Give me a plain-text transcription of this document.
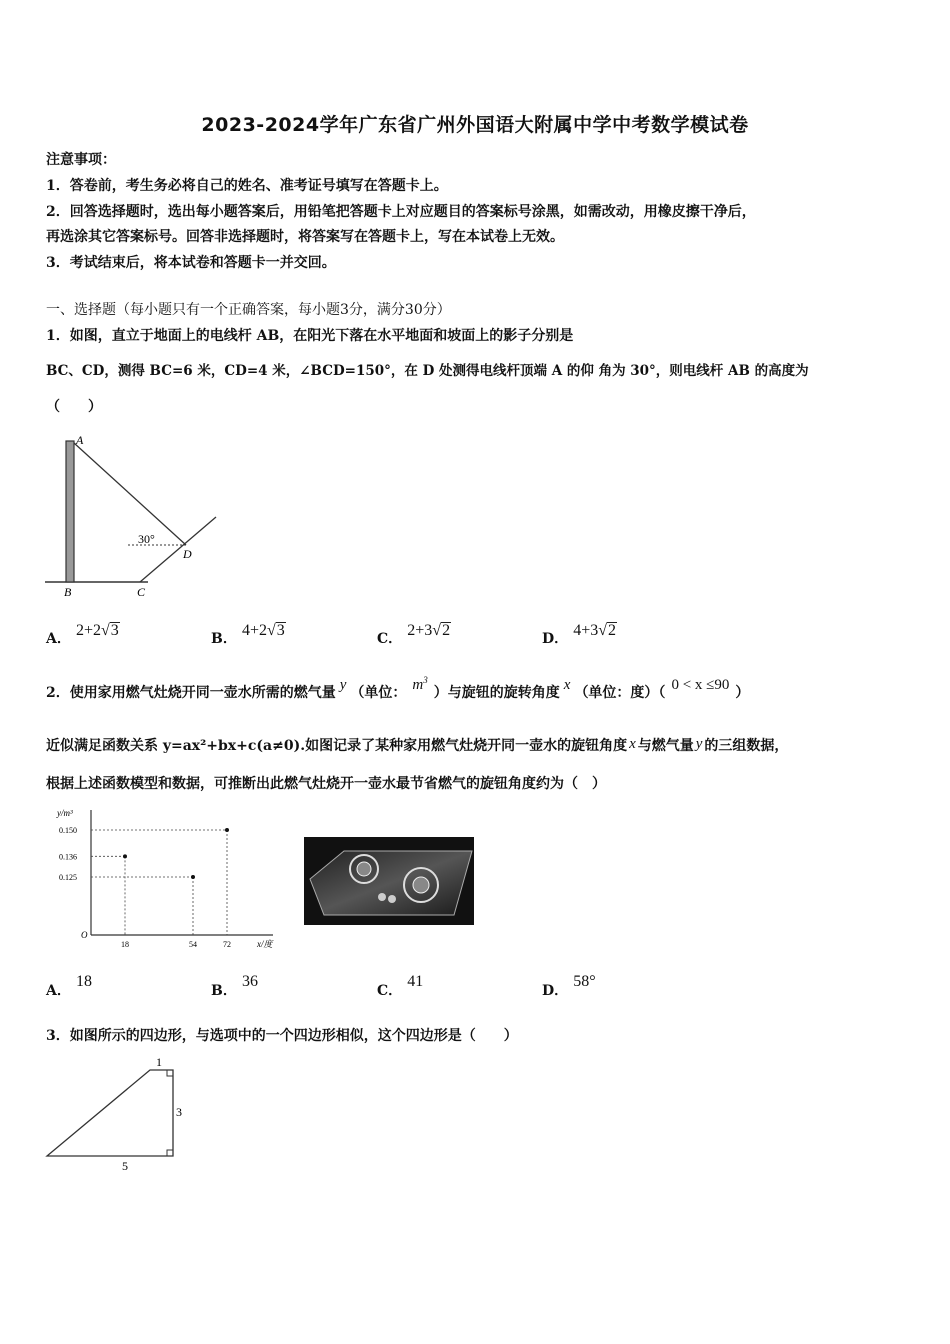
2023-2024学年广东省广州外国语大附属中学中考数学模试卷
注意事项：
1．答卷前，考生务必将自己的姓名、准考证号填写在答题卡上。
2．回答选择题时，选出每小题答案后，用铅笔把答题卡上对应题目的答案标号涂黑，如需改动，用橡皮擦干净后，
再选涂其它答案标号。回答非选择题时，将答案写在答题卡上，写在本试卷上无效。
3．考试结束后，将本试卷和答题卡一并交回。
一、选择题（每小题只有一个正确答案，每小题3分，满分30分）
1．如图，直立于地面上的电线杆 AB，在阳光下落在水平地面和坡面上的影子分别是
BC、CD，测得 BC=6 米，CD=4 米，∠BCD=150°，在 D 处测得电线杆顶端 A 的仰 角为 30°，则电线杆 AB 的高度为
（　　）
A
B	C
D
30°
A． 2+2√3	B． 4+2√3	C． 2+3√2	D． 4+3√2
2．使用家用燃气灶烧开同一壶水所需的燃气量 y （单位： $m^3$）与旋钮的旋转角度 x （单位：度）（ 0 < x ≤90 ）
近似满足函数关系 y=ax²+bx+c(a≠0).如图记录了某种家用燃气灶烧开同一壶水的旋钮角度 x 与燃气量 y 的三组数据，
根据上述函数模型和数据，可推断出此燃气灶烧开一壶水最节省燃气的旋钮角度约为（　）
y/m³
x/度
O
0.150
0.136
0.125
18	54	72
A． 18
B． 36
C． 41
D． 58°
3．如图所示的四边形，与选项中的一个四边形相似，这个四边形是（　　）
1
3
5
